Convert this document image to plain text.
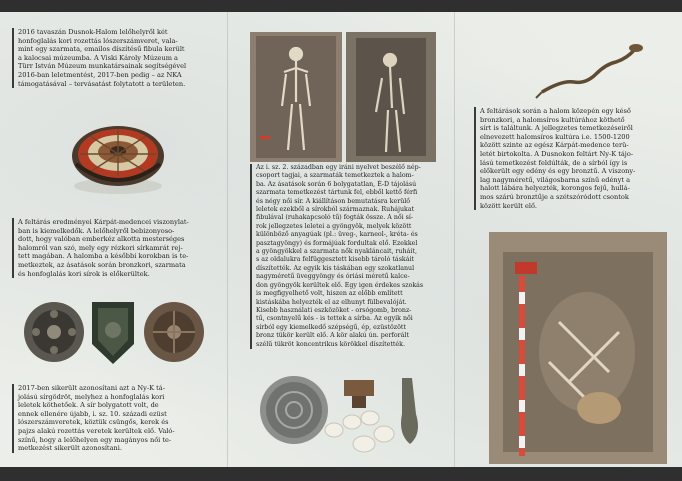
2016 tavaszán Dusnok-Halom lelőhelyről két
honfoglalás kori rozettás lószerszámveret, vala-
mint egy szarmata, emailos díszítésű fibula került
a kalocsai múzeumba. A Viski Károly Múzeum a
Türr István Múzeum munkatársainak segítségével
2016-ban leletmentést, 2017-ben pedig – az NKA
támogatásával – tervásatást folytatott a területen.
A feltárás eredményei Kárpát-medencei viszonylat-
ban is kiemelkedők. A lelőhelyről bebizonyoso-
dott, hogy valóban emberkéz alkotta mesterséges
halomról van szó, mely egy rézkori sírkamrát rej-
tett magában. A halomba a későbbi korokban is te-
metkeztek, az ásatások során bronzkori, szarmata
és honfoglalás kori sírok is előkerültek.
2017-ben sikerült azonosítani azt a Ny-K tá-
jolású sírgödröt, melyhez a honfoglalás kori
leletek köthetőek. A sír bolygatott volt, de
ennek ellenére újabb, i. sz. 10. századi ezüst
lószerszámveretek, köztük csüngős, kerek és
pajzs alakú rozettás veretek kerültek elő. Való-
színű, hogy a lelőhelyen egy magányos női te-
metkezést sikerült azonosítani.
Az i. sz. 2. században egy iráni nyelvet beszélő nép-
csoport tagjai, a szarmaták temetkeztek a halom-
ba. Az ásatások során 6 bolygatatlan, É-D tájolású
szarmata temetkezést tártunk fel, ebből kettő férfi
és négy női sír. A kiállításon bemutatásra kerülő
leletek ezekből a sírokból származnak. Ruhájukat
fibulával (ruhakapcsoló tű) fogták össze. A női sí-
rok jellegzetes leletei a gyöngyök, melyek között
különböző anyagúak (pl.: üveg-, karneol-, kréta- és
pasztagyöngy) és formájúak fordultak elő. Ezekkel
a gyöngyökkel a szarmata nők nyakláncait, ruháit,
s az oldalukra felfüggesztett kisebb tároló táskáit
díszítették. Az egyik kis táskában egy szokatlanul
nagyméretű üveggyöngy és óriási méretű kalce-
don gyöngyök kerültek elő. Egy igen érdekes szokás
is megfigyelhető volt, hiszen az előbb említett
kistáskába helyezték el az elhunyt fülbevalóját.
Kisebb használati eszközöket - orsógomb, bronz-
tű, csontnyelű kés - is tettek a sírba. Az egyik női
sírból egy kiemelkedő szépségű, ép, ezüstözött
bronz tükör került elő. A kör alakú ún. perforált
szélű tükröt koncentrikus körökkel díszítették.
A feltárások során a halom közepén egy késő
bronzkori, a halomsíros kultúrához köthető
sírt is találtunk. A jellegzetes temetkezéseiről
elnevezett halomsíros kultúra i.e. 1500-1200
között szinte az egész Kárpát-medence terü-
letét birtokolta. A Dusnokon feltárt Ny-K tájo-
lású temetkezést feldúlták, de a sírból így is
előkerült egy edény és egy bronztű. A viszony-
lag nagyméretű, világosbarna színű edényt a
halott lábára helyezték, korongos fejű, hullá-
mos szárú bronztűje a szétszóródott csontok
között került elő.
